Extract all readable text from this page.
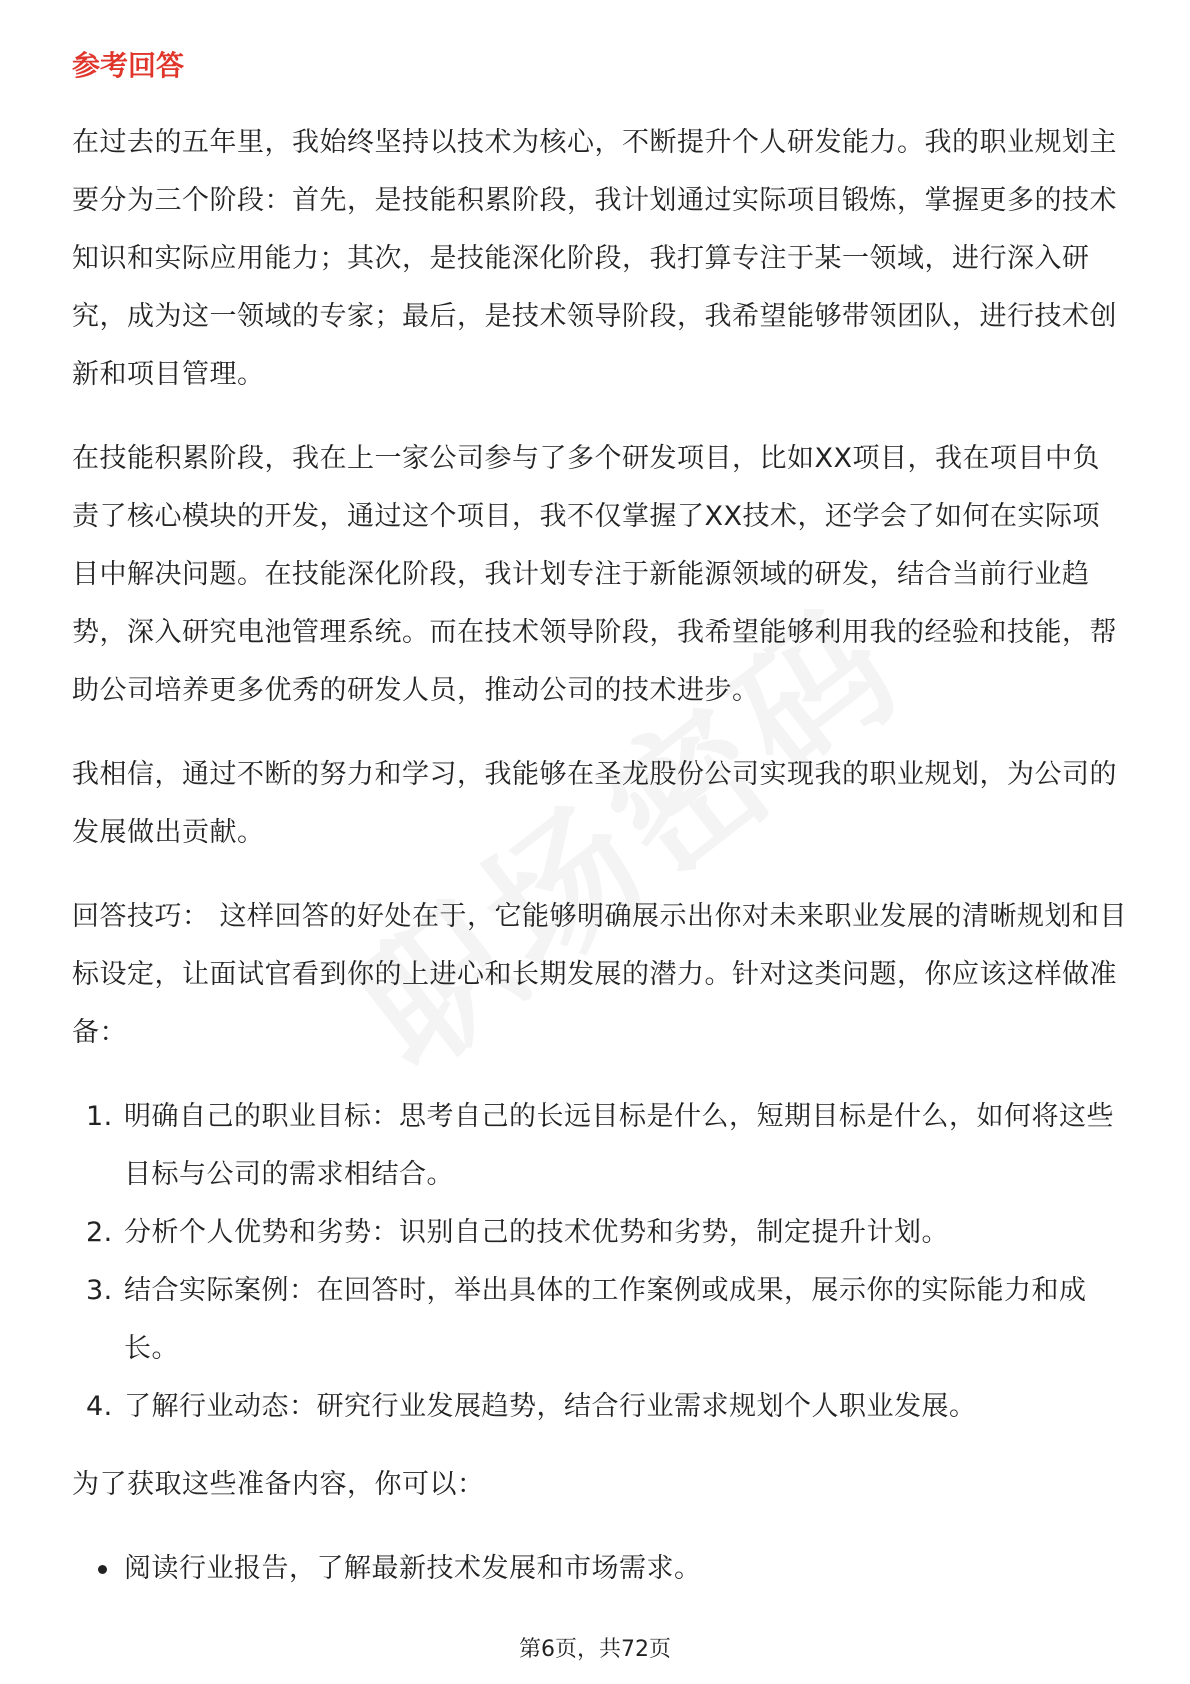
参考回答

在过去的五年里，我始终坚持以技术为核心，不断提升个人研发能力。我的职业规划主要分为三个阶段：首先，是技能积累阶段，我计划通过实际项目锻炼，掌握更多的技术知识和实际应用能力；其次，是技能深化阶段，我打算专注于某一领域，进行深入研究，成为这一领域的专家；最后，是技术领导阶段，我希望能够带领团队，进行技术创新和项目管理。

在技能积累阶段，我在上一家公司参与了多个研发项目，比如XX项目，我在项目中负责了核心模块的开发，通过这个项目，我不仅掌握了XX技术，还学会了如何在实际项目中解决问题。在技能深化阶段，我计划专注于新能源领域的研发，结合当前行业趋势，深入研究电池管理系统。而在技术领导阶段，我希望能够利用我的经验和技能，帮助公司培养更多优秀的研发人员，推动公司的技术进步。

我相信，通过不断的努力和学习，我能够在圣龙股份公司实现我的职业规划，为公司的发展做出贡献。

回答技巧： 这样回答的好处在于，它能够明确展示出你对未来职业发展的清晰规划和目标设定，让面试官看到你的上进心和长期发展的潜力。针对这类问题，你应该这样做准备：

1. 明确自己的职业目标：思考自己的长远目标是什么，短期目标是什么，如何将这些目标与公司的需求相结合。
2. 分析个人优势和劣势：识别自己的技术优势和劣势，制定提升计划。
3. 结合实际案例：在回答时，举出具体的工作案例或成果，展示你的实际能力和成长。
4. 了解行业动态：研究行业发展趋势，结合行业需求规划个人职业发展。

为了获取这些准备内容，你可以：

阅读行业报告，了解最新技术发展和市场需求。
第6页，共72页
